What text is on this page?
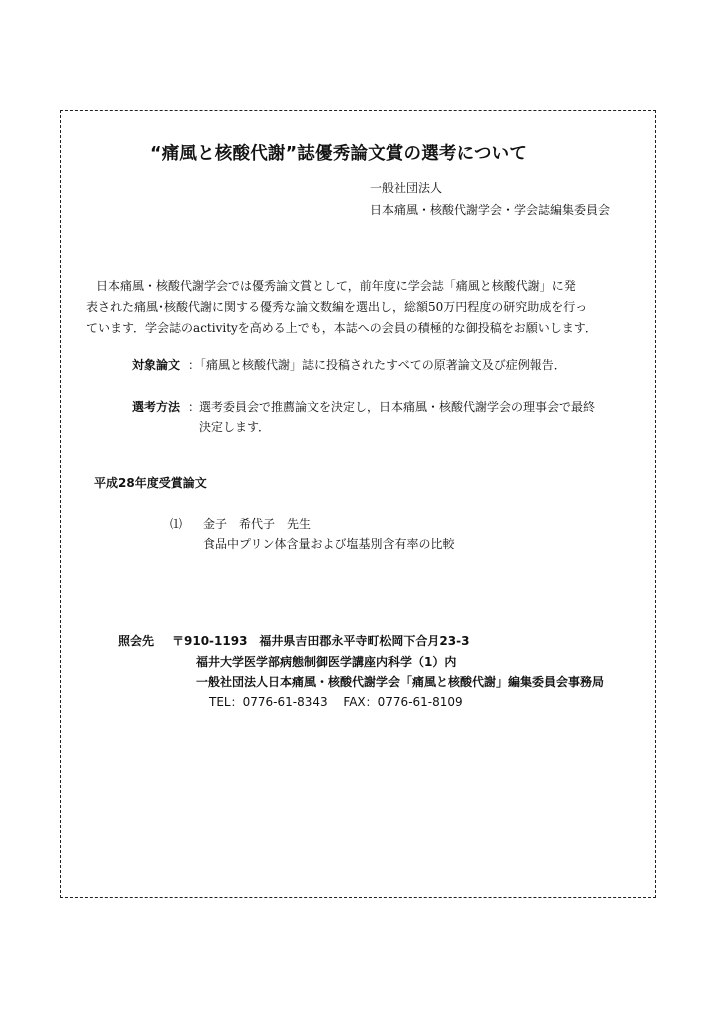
“痛風と核酸代謝”誌優秀論文賞の選考について
一般社団法人
日本痛風・核酸代謝学会・学会誌編集委員会
日本痛風・核酸代謝学会では優秀論文賞として，前年度に学会誌「痛風と核酸代謝」に発
表された痛風･核酸代謝に関する優秀な論文数編を選出し，総額50万円程度の研究助成を行っ
ています．学会誌のactivityを高める上でも，本誌への会員の積極的な御投稿をお願いします．
対象論文 ：「痛風と核酸代謝」誌に投稿されたすべての原著論文及び症例報告．
選考方法 ：
選考委員会で推薦論文を決定し，日本痛風・核酸代謝学会の理事会で最終
決定します．
平成28年度受賞論文
⑴ 金子　希代子　先生
食品中プリン体含量および塩基別含有率の比較
照会先 〒910-1193　福井県吉田郡永平寺町松岡下合月23-3
福井大学医学部病態制御医学講座内科学（1）内
一般社団法人日本痛風・核酸代謝学会「痛風と核酸代謝」編集委員会事務局
TEL：0776-61-8343　 FAX：0776-61-8109
